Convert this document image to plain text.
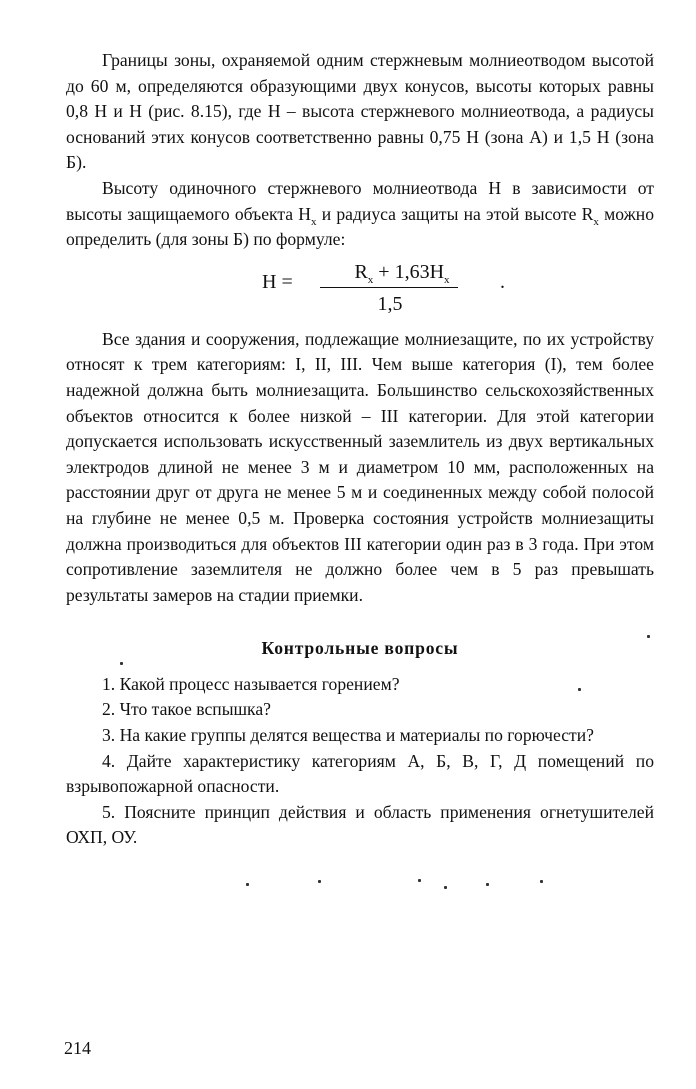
Границы зоны, охраняемой одним стержневым молниеотводом высотой до 60 м, определяются образующими двух конусов, высоты которых равны 0,8 Н и Н (рис. 8.15), где Н – высота стержневого молниеотвода, а радиусы оснований этих конусов соответственно равны 0,75 Н (зона А) и 1,5 Н (зона Б).

Высоту одиночного стержневого молниеотвода Н в зависимости от высоты защищаемого объекта $Н_x$ и радиуса защиты на этой высоте $R_x$ можно определить (для зоны Б) по формуле:

H =	$R_x + 1,63H_x$
1,5
.

Все здания и сооружения, подлежащие молниезащите, по их устройству относят к трем категориям: I, II, III. Чем выше категория (I), тем более надежной должна быть молниезащита. Большинство сельскохозяйственных объектов относится к более низкой – III категории. Для этой категории допускается использовать искусственный заземлитель из двух вертикальных электродов длиной не менее 3 м и диаметром 10 мм, расположенных на расстоянии друг от друга не менее 5 м и соединенных между собой полосой на глубине не менее 0,5 м. Проверка состояния устройств молниезащиты должна производиться для объектов III категории один раз в 3 года. При этом сопротивление заземлителя не должно более чем в 5 раз превышать результаты замеров на стадии приемки.

Контрольные вопросы

1. Какой процесс называется горением?

2. Что такое вспышка?

3. На какие группы делятся вещества и материалы по горючести?

4. Дайте характеристику категориям А, Б, В, Г, Д помещений по взрывопожарной опасности.

5. Поясните принцип действия и область применения огнетушителей ОХП, ОУ.

214
